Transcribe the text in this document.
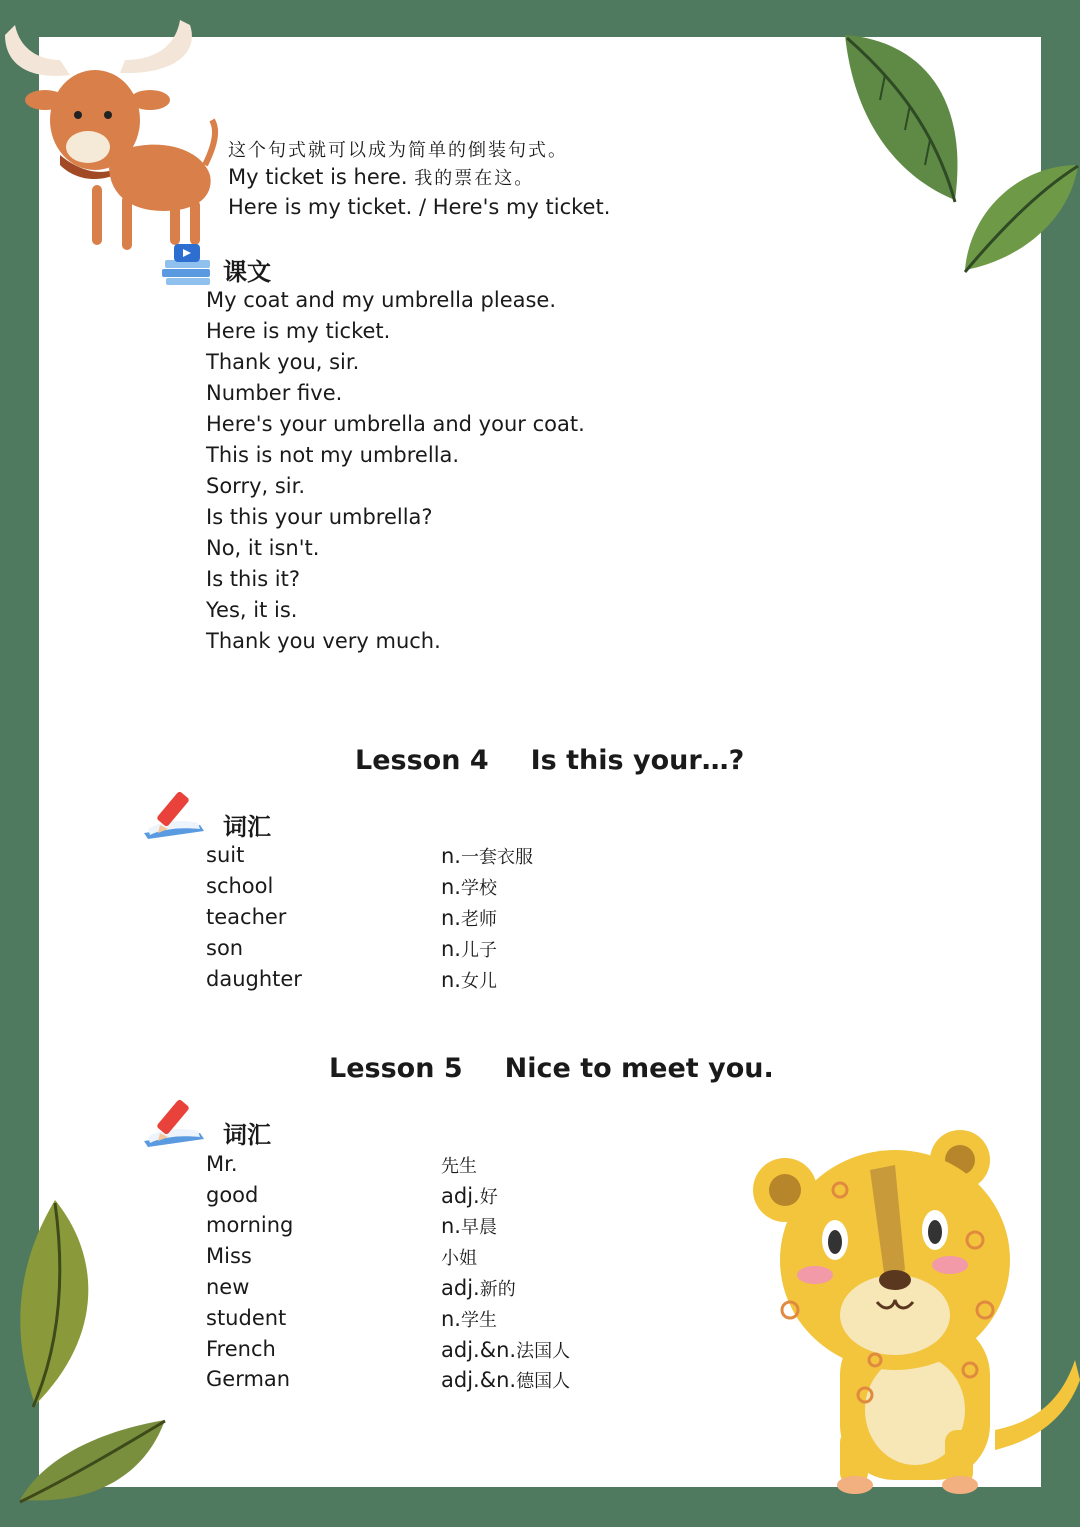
这个句式就可以成为简单的倒装句式。
My ticket is here. 我的票在这。
Here is my ticket. / Here's my ticket.
课文
My coat and my umbrella please.
Here is my ticket.
Thank you, sir.
Number five.
Here's your umbrella and your coat.
This is not my umbrella.
Sorry, sir.
Is this your umbrella?
No, it isn't.
Is this it?
Yes, it is.
Thank you very much.
Lesson 4 Is this your…?
词汇
suit	n.一套衣服
school	n.学校
teacher	n.老师
son	n.儿子
daughter	n.女儿
Lesson 5 Nice to meet you.
词汇
Mr.	先生
good	adj.好
morning	n.早晨
Miss	小姐
new	adj.新的
student	n.学生
French	adj.&n.法国人
German	adj.&n.德国人
